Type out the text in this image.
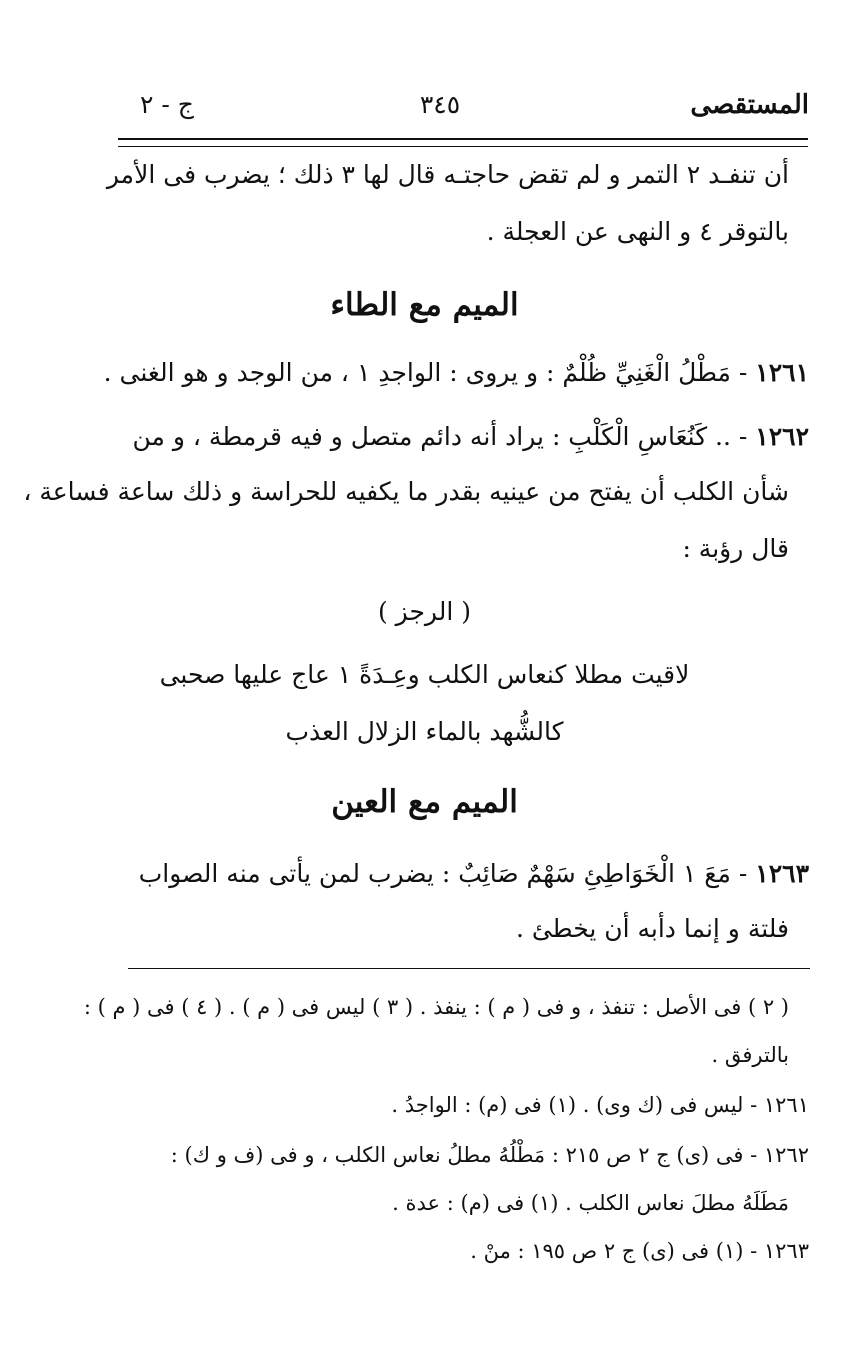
المستقصى
٣٤٥
ج - ٢
أن تنفـد ٢ التمر و لم تقض حاجتـه قال لها ٣ ذلك ؛ يضرب فى الأمر
بالتوقر ٤ و النهى عن العجلة .
الميم مع الطاء
١٢٦١ - مَطْلُ الْغَنِيِّ ظُلْمٌ : و يروى : الواجدِ ١ ، من الوجد و هو الغنى .
١٢٦٢ - .. كَنُعَاسِ الْكَلْبِ : يراد أنه دائم متصل و فيه قرمطة ، و من
شأن الكلب أن يفتح من عينيه بقدر ما يكفيه للحراسة و ذلك ساعة فساعة ،
قال رؤبة :
( الرجز )
لاقيت مطلا كنعاس الكلب وعِـدَةً ١ عاج عليها صحبى
كالشُّهد بالماء الزلال العذب
الميم مع العين
١٢٦٣ - مَعَ ١ الْخَوَاطِئِ سَهْمٌ صَائِبٌ : يضرب لمن يأتى منه الصواب
فلتة و إنما دأبه أن يخطئ .
( ٢ ) فى الأصل : تنفذ ، و فى ( م ) : ينفذ . ( ٣ ) ليس فى ( م ) . ( ٤ ) فى ( م ) :
بالترفق .
١٢٦١ - ليس فى (ك وى) . (١) فى (م) : الواجدُ .
١٢٦٢ - فى (ى) ج ٢ ص ٢١٥ : مَطْلُهُ مطلُ نعاس الكلب ، و فى (ف و ك) :
مَطَلَهُ مطلَ نعاس الكلب . (١) فى (م) : عدة .
١٢٦٣ - (١) فى (ى) ج ٢ ص ١٩٥ : منْ .
